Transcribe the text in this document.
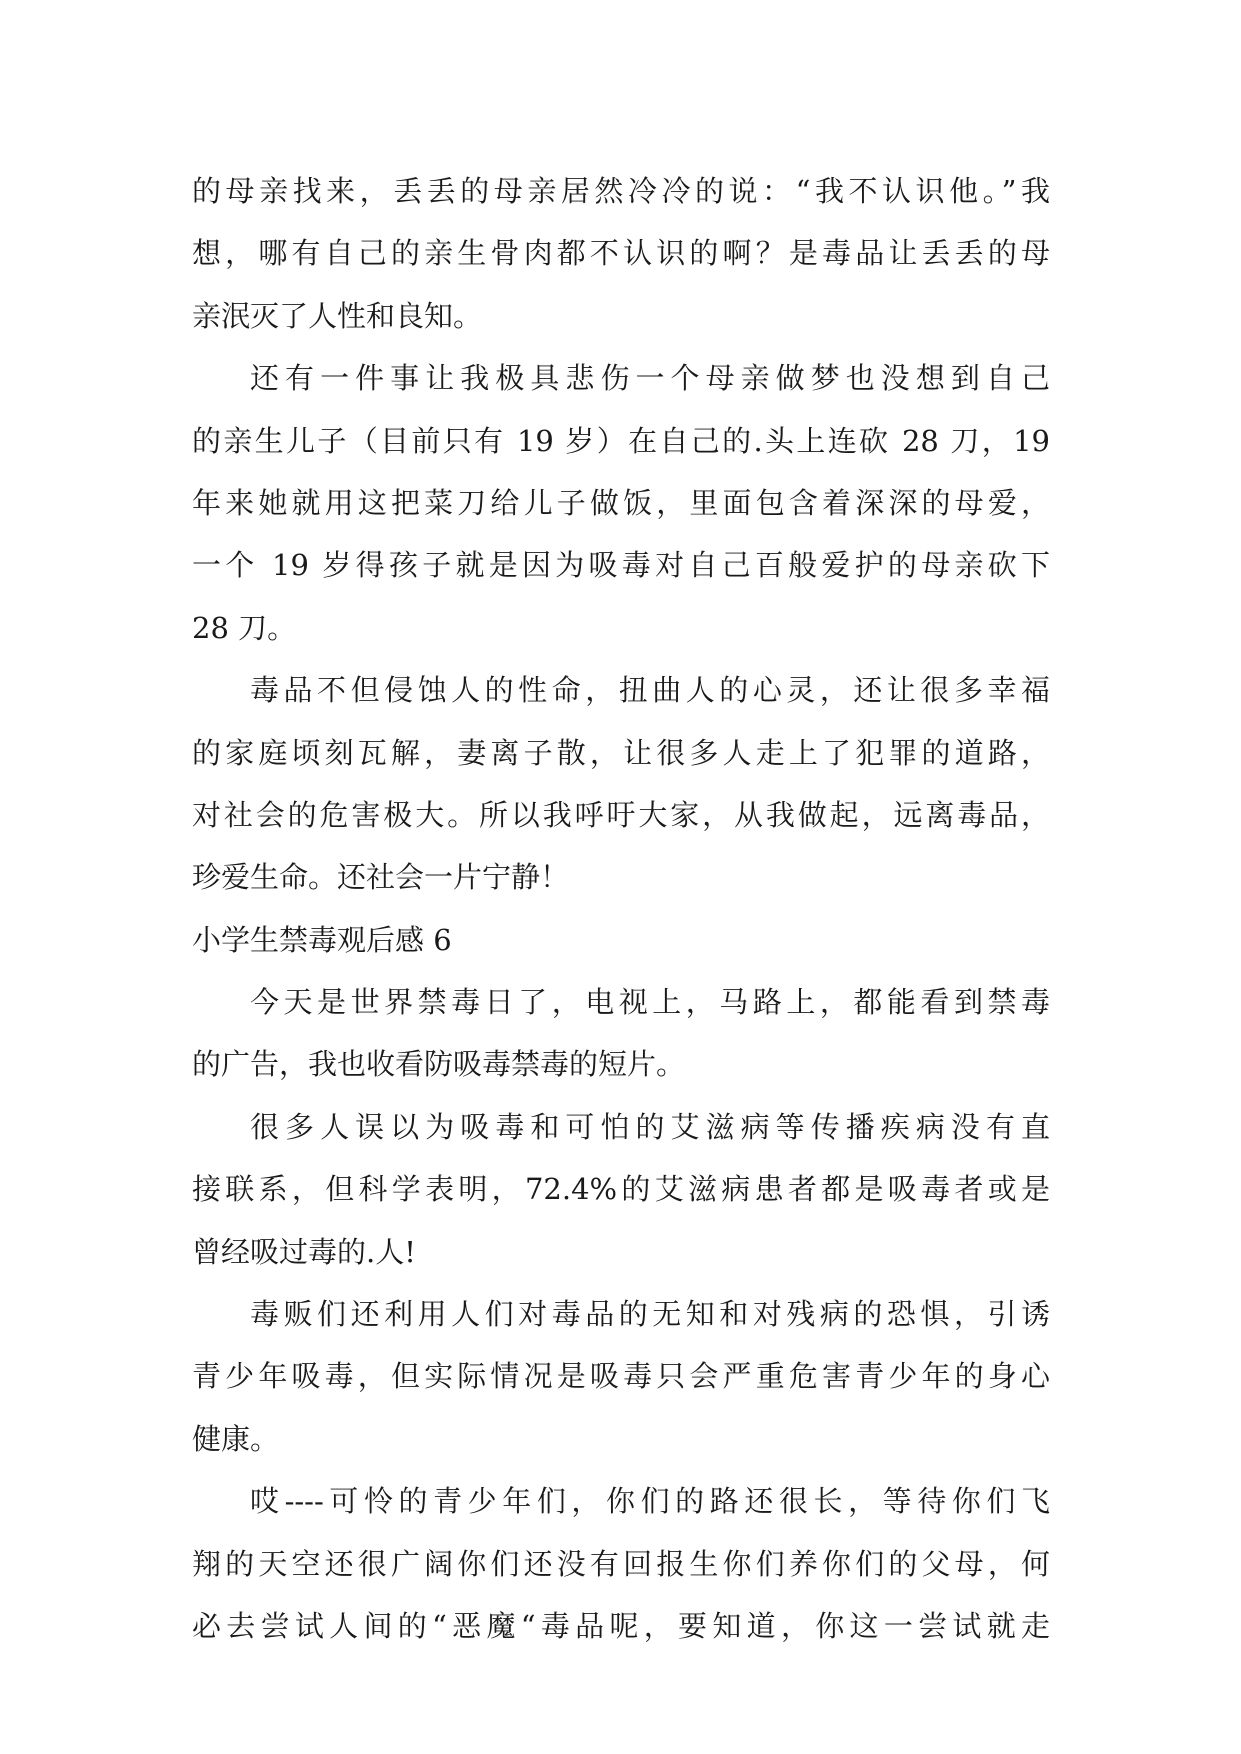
的母亲找来，丢丢的母亲居然冷冷的说：“我不认识他。”我
想，哪有自己的亲生骨肉都不认识的啊？是毒品让丢丢的母
亲泯灭了人性和良知。
还有一件事让我极具悲伤一个母亲做梦也没想到自己
的亲生儿子（目前只有 19 岁）在自己的.头上连砍 28 刀，19
年来她就用这把菜刀给儿子做饭，里面包含着深深的母爱，
一个 19 岁得孩子就是因为吸毒对自己百般爱护的母亲砍下
28 刀。
毒品不但侵蚀人的性命，扭曲人的心灵，还让很多幸福
的家庭顷刻瓦解，妻离子散，让很多人走上了犯罪的道路，
对社会的危害极大。所以我呼吁大家，从我做起，远离毒品，
珍爱生命。还社会一片宁静！
小学生禁毒观后感 6
今天是世界禁毒日了，电视上，马路上，都能看到禁毒
的广告，我也收看防吸毒禁毒的短片。
很多人误以为吸毒和可怕的艾滋病等传播疾病没有直
接联系，但科学表明，72.4%的艾滋病患者都是吸毒者或是
曾经吸过毒的.人!
毒贩们还利用人们对毒品的无知和对残病的恐惧，引诱
青少年吸毒，但实际情况是吸毒只会严重危害青少年的身心
健康。
哎----可怜的青少年们，你们的路还很长，等待你们飞
翔的天空还很广阔你们还没有回报生你们养你们的父母，何
必去尝试人间的“恶魔“毒品呢，要知道，你这一尝试就走
